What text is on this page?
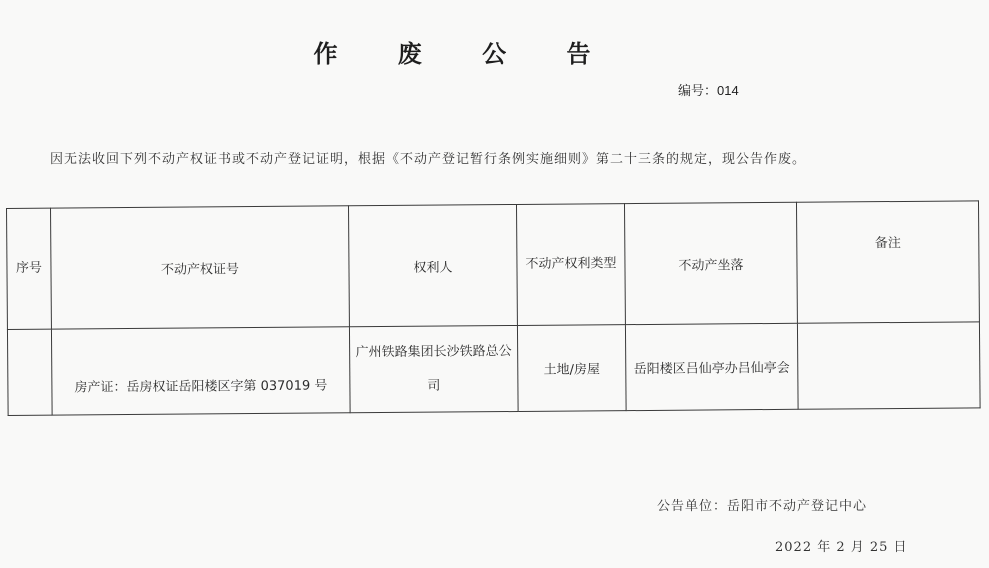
作 废 公 告
编号：014
因无法收回下列不动产权证书或不动产登记证明，根据《不动产登记暂行条例实施细则》第二十三条的规定，现公告作废。
序号	不动产权证号	权利人	不动产权利类型	不动产坐落	备注
	房产证：岳房权证岳阳楼区字第 037019 号	广州铁路集团长沙铁路总公司	土地/房屋	岳阳楼区吕仙亭办吕仙亭会	
公告单位：岳阳市不动产登记中心
2022 年 2 月 25 日
